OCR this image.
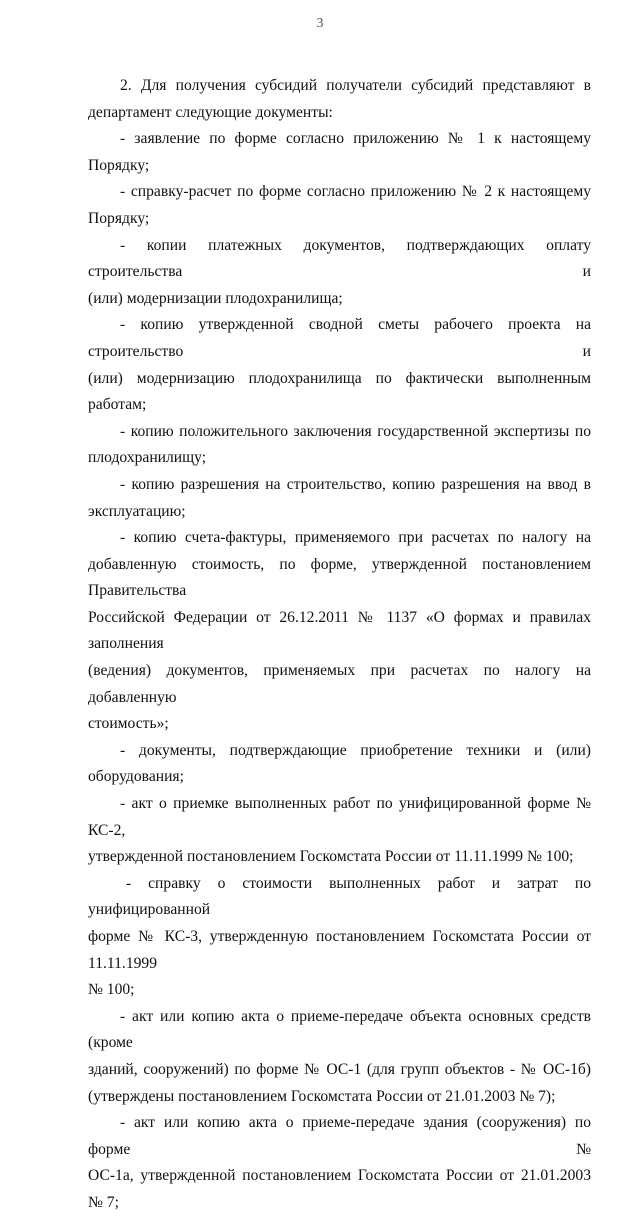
3
2. Для получения субсидий получатели субсидий представляют в
департамент следующие документы:
- заявление по форме согласно приложению № 1 к настоящему Порядку;
- справку-расчет по форме согласно приложению № 2 к настоящему
Порядку;
- копии платежных документов, подтверждающих оплату строительства и
(или) модернизации плодохранилища;
- копию утвержденной сводной сметы рабочего проекта на строительство и
(или) модернизацию плодохранилища по фактически выполненным работам;
- копию положительного заключения государственной экспертизы по
плодохранилищу;
- копию разрешения на строительство, копию разрешения на ввод в
эксплуатацию;
- копию счета-фактуры, применяемого при расчетах по налогу на
добавленную стоимость, по форме, утвержденной постановлением Правительства
Российской Федерации от 26.12.2011 № 1137 «О формах и правилах заполнения
(ведения) документов, применяемых при расчетах по налогу на добавленную
стоимость»;
- документы, подтверждающие приобретение техники и (или) оборудования;
- акт о приемке выполненных работ по унифицированной форме № КС-2,
утвержденной постановлением Госкомстата России от 11.11.1999 № 100;
- справку о стоимости выполненных работ и затрат по унифицированной
форме № КС-3, утвержденную постановлением Госкомстата России от 11.11.1999
№ 100;
- акт или копию акта о приеме-передаче объекта основных средств (кроме
зданий, сооружений) по форме № ОС-1 (для групп объектов - № ОС-1б)
(утверждены постановлением Госкомстата России от 21.01.2003 № 7);
- акт или копию акта о приеме-передаче здания (сооружения) по форме №
ОС-1а, утвержденной постановлением Госкомстата России от 21.01.2003 № 7;
